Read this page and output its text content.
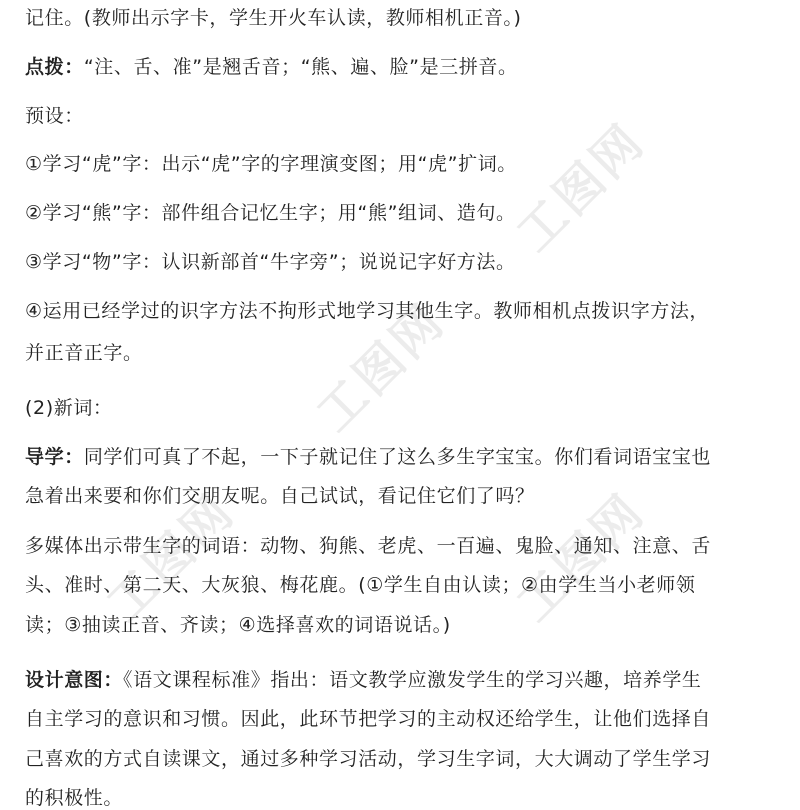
工图网
工图网
工图网	工图网
记住。(教师出示字卡，学生开火车认读，教师相机正音。)
点拨：“注、舌、准”是翘舌音；“熊、遍、脸”是三拼音。
预设：
①学习“虎”字：出示“虎”字的字理演变图；用“虎”扩词。
②学习“熊”字：部件组合记忆生字；用“熊”组词、造句。
③学习“物”字：认识新部首“牛字旁”；说说记字好方法。
④运用已经学过的识字方法不拘形式地学习其他生字。教师相机点拨识字方法，
并正音正字。
(2)新词：
导学：同学们可真了不起，一下子就记住了这么多生字宝宝。你们看词语宝宝也
急着出来要和你们交朋友呢。自己试试，看记住它们了吗？
多媒体出示带生字的词语：动物、狗熊、老虎、一百遍、鬼脸、通知、注意、舌
头、准时、第二天、大灰狼、梅花鹿。(①学生自由认读；②由学生当小老师领
读；③抽读正音、齐读；④选择喜欢的词语说话。)
设计意图：《语文课程标准》指出：语文教学应激发学生的学习兴趣，培养学生
自主学习的意识和习惯。因此，此环节把学习的主动权还给学生，让他们选择自
己喜欢的方式自读课文，通过多种学习活动，学习生字词，大大调动了学生学习
的积极性。
